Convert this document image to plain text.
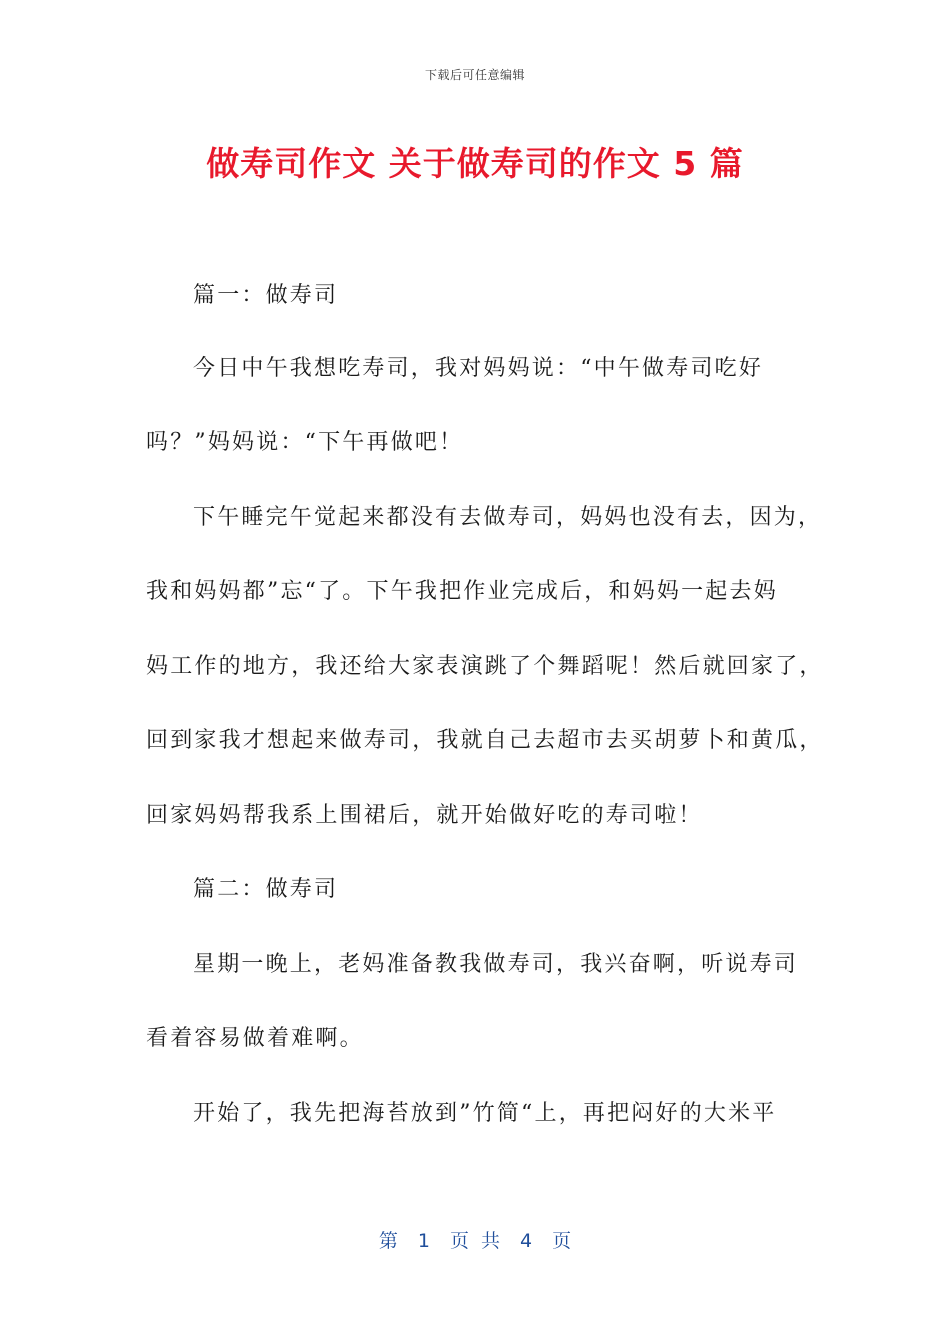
下载后可任意编辑
做寿司作文 关于做寿司的作文 5 篇
篇一：做寿司
今日中午我想吃寿司，我对妈妈说：“中午做寿司吃好
吗？”妈妈说：“下午再做吧！
下午睡完午觉起来都没有去做寿司，妈妈也没有去，因为，
我和妈妈都”忘“了。下午我把作业完成后，和妈妈一起去妈
妈工作的地方，我还给大家表演跳了个舞蹈呢！然后就回家了，
回到家我才想起来做寿司，我就自己去超市去买胡萝卜和黄瓜，
回家妈妈帮我系上围裙后，就开始做好吃的寿司啦！
篇二：做寿司
星期一晚上，老妈准备教我做寿司，我兴奋啊，听说寿司
看着容易做着难啊。
开始了，我先把海苔放到”竹简“上，再把闷好的大米平
第 1 页 共 4 页
